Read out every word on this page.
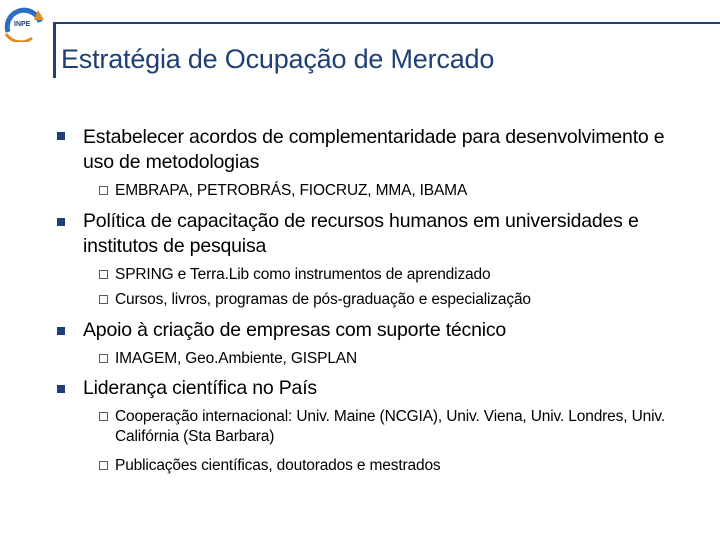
INPE
Estratégia de Ocupação de Mercado
Estabelecer acordos de complementaridade para desenvolvimento e uso de metodologias
EMBRAPA, PETROBRÁS, FIOCRUZ, MMA, IBAMA
Política de capacitação de recursos humanos em universidades e institutos de pesquisa
SPRING e Terra.Lib como instrumentos de aprendizado
Cursos, livros, programas de pós-graduação e especialização
Apoio à criação de empresas com suporte técnico
IMAGEM, Geo.Ambiente, GISPLAN
Liderança científica no País
Cooperação internacional: Univ. Maine (NCGIA), Univ. Viena, Univ. Londres, Univ. Califórnia (Sta Barbara)
Publicações científicas, doutorados e mestrados
